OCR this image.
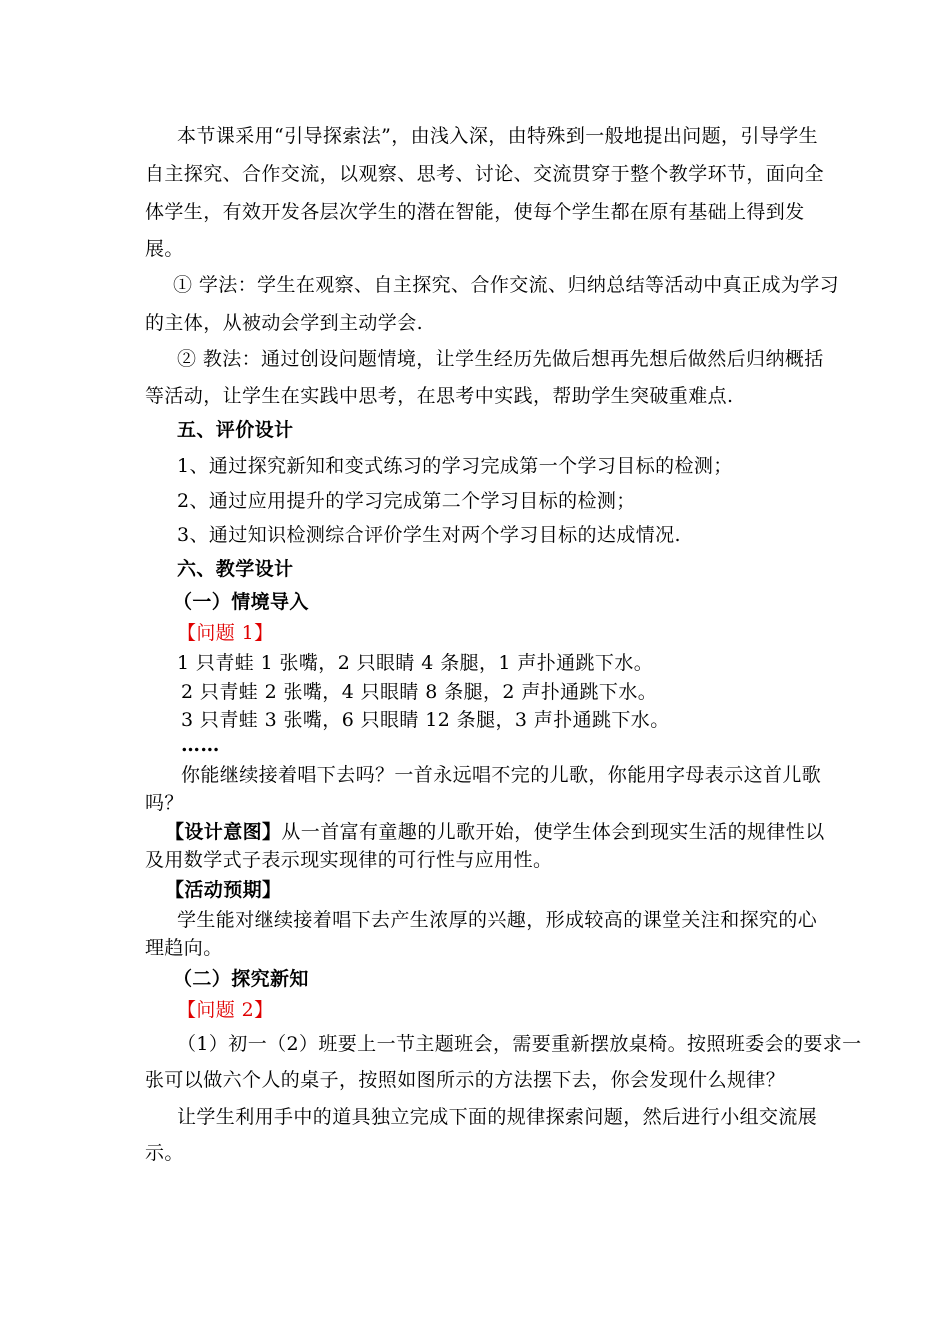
本节课采用“引导探索法”，由浅入深，由特殊到一般地提出问题，引导学生
自主探究、合作交流，以观察、思考、讨论、交流贯穿于整个教学环节，面向全
体学生，有效开发各层次学生的潜在智能，使每个学生都在原有基础上得到发
展。
① 学法：学生在观察、自主探究、合作交流、归纳总结等活动中真正成为学习
的主体，从被动会学到主动学会.
② 教法：通过创设问题情境，让学生经历先做后想再先想后做然后归纳概括
等活动，让学生在实践中思考，在思考中实践，帮助学生突破重难点.
五、评价设计
1、通过探究新知和变式练习的学习完成第一个学习目标的检测；
2、通过应用提升的学习完成第二个学习目标的检测；
3、通过知识检测综合评价学生对两个学习目标的达成情况.
六、教学设计
（一）情境导入
【问题 1】
1 只青蛙 1 张嘴，2 只眼睛 4 条腿，1 声扑通跳下水。
2 只青蛙 2 张嘴，4 只眼睛 8 条腿，2 声扑通跳下水。
3 只青蛙 3 张嘴，6 只眼睛 12 条腿，3 声扑通跳下水。
……
你能继续接着唱下去吗？一首永远唱不完的儿歌，你能用字母表示这首儿歌
吗？
【设计意图】从一首富有童趣的儿歌开始，使学生体会到现实生活的规律性以
及用数学式子表示现实现律的可行性与应用性。
【活动预期】
学生能对继续接着唱下去产生浓厚的兴趣，形成较高的课堂关注和探究的心
理趋向。
（二）探究新知
【问题 2】
（1）初一（2）班要上一节主题班会，需要重新摆放桌椅。按照班委会的要求一
张可以做六个人的桌子，按照如图所示的方法摆下去，你会发现什么规律？
让学生利用手中的道具独立完成下面的规律探索问题，然后进行小组交流展
示。
